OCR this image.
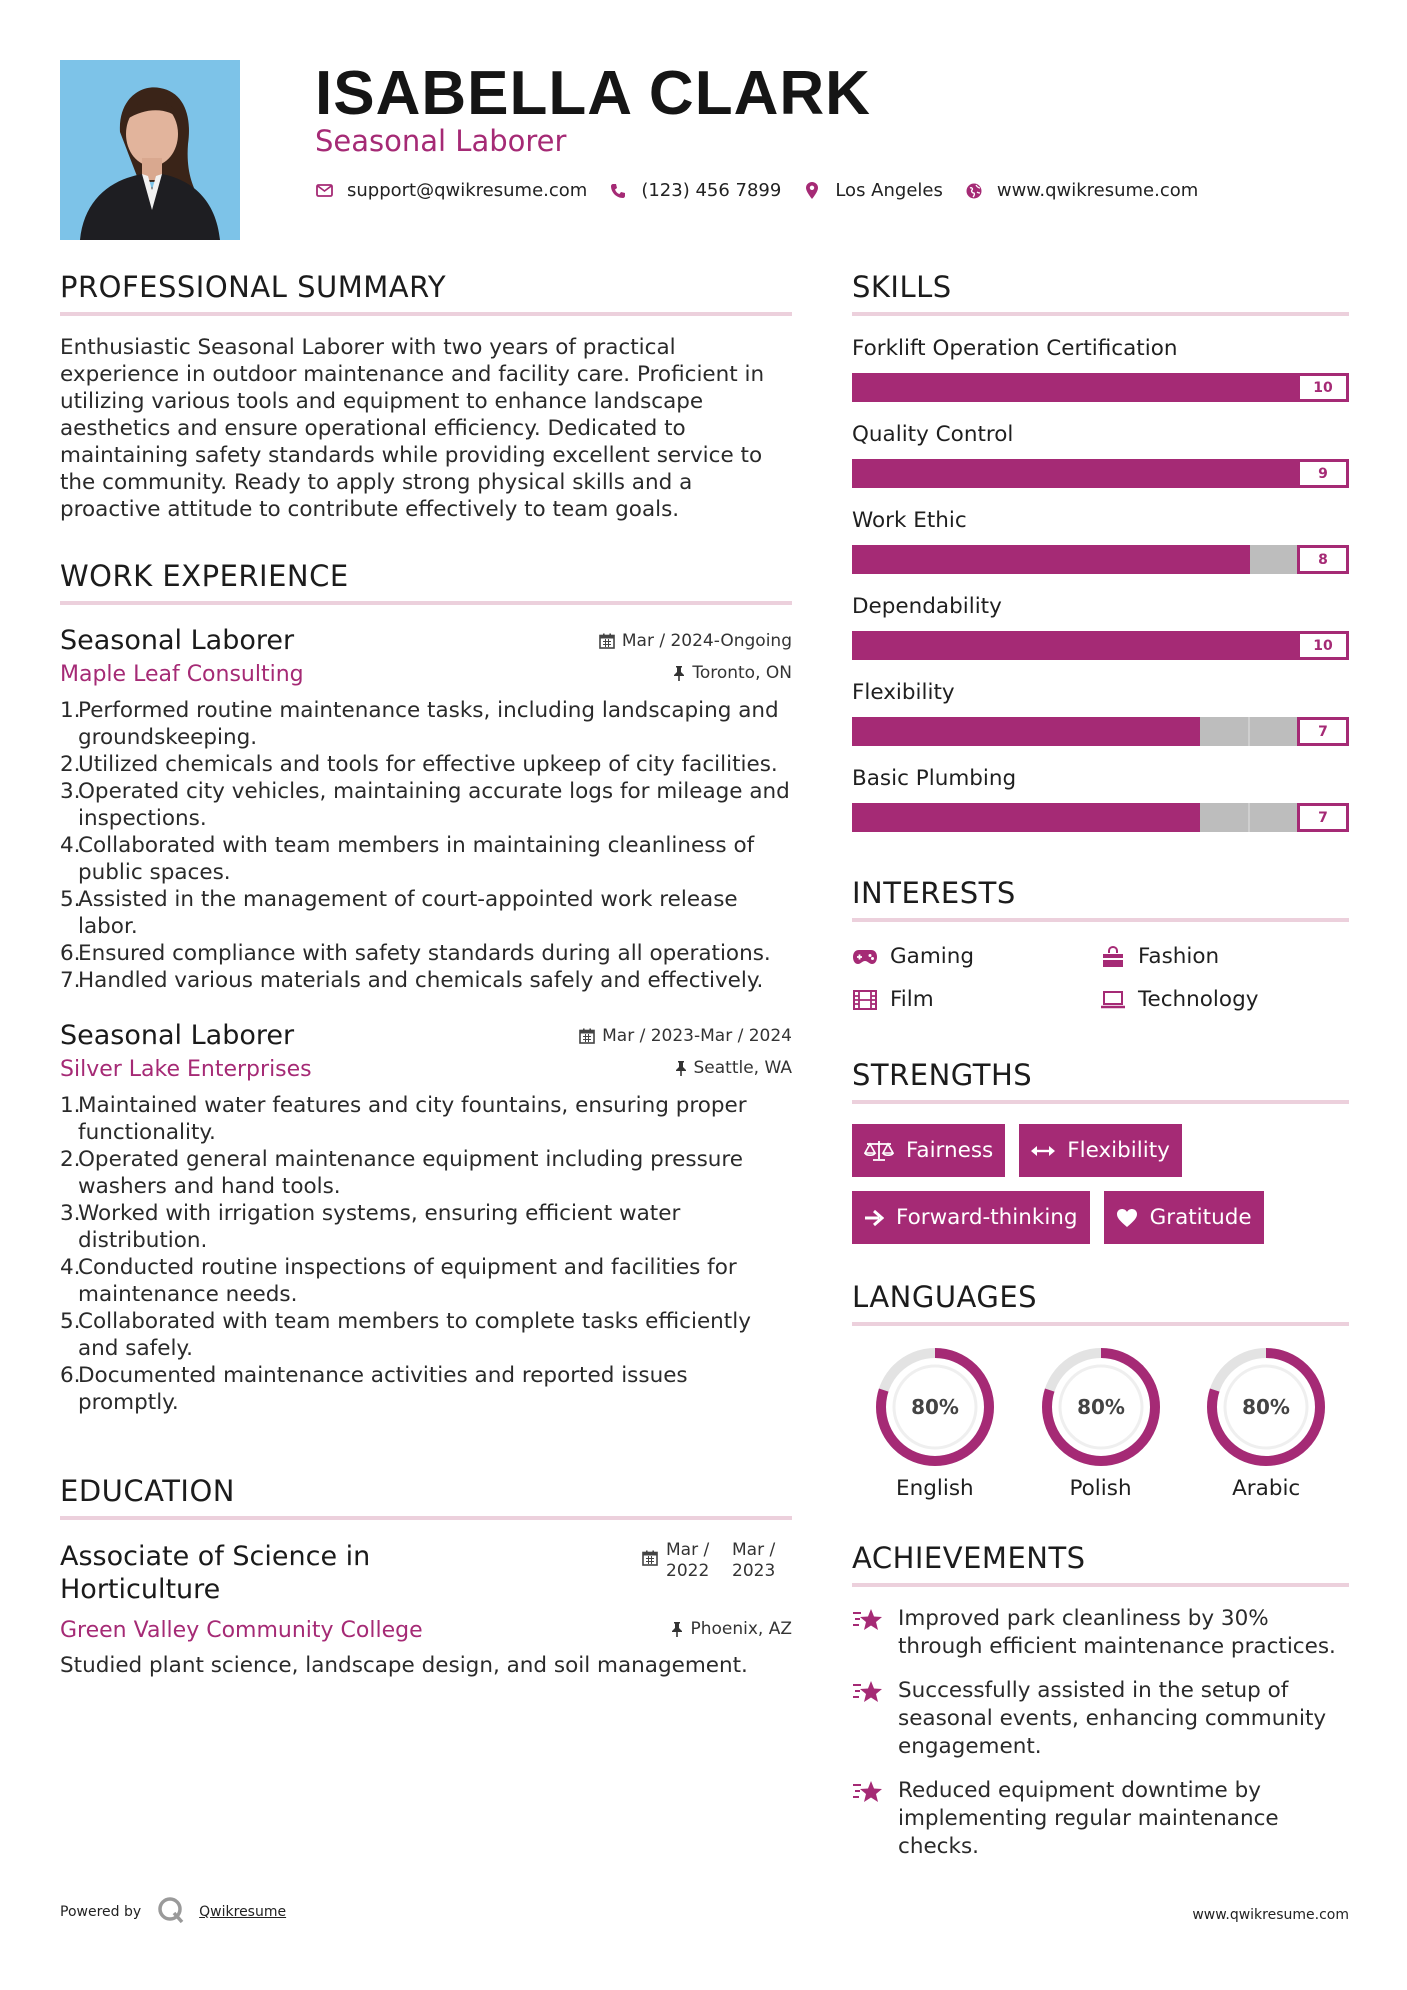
ISABELLA CLARK
Seasonal Laborer
support@qwikresume.com	(123) 456 7899	Los Angeles	www.qwikresume.com
PROFESSIONAL SUMMARY

Enthusiastic Seasonal Laborer with two years of practical experience in outdoor maintenance and facility care. Proficient in utilizing various tools and equipment to enhance landscape aesthetics and ensure operational efficiency. Dedicated to maintaining safety standards while providing excellent service to the community. Ready to apply strong physical skills and a proactive attitude to contribute effectively to team goals.

WORK EXPERIENCE
Seasonal Laborer	Mar / 2024-Ongoing
Maple Leaf Consulting	Toronto, ON
1.
Performed routine maintenance tasks, including landscaping and groundskeeping.
2.
Utilized chemicals and tools for effective upkeep of city facilities.
3.
Operated city vehicles, maintaining accurate logs for mileage and inspections.
4.
Collaborated with team members in maintaining cleanliness of public spaces.
5.
Assisted in the management of court-appointed work release labor.
6.
Ensured compliance with safety standards during all operations.
7.
Handled various materials and chemicals safely and effectively.
Seasonal Laborer	Mar / 2023-Mar / 2024
Silver Lake Enterprises	Seattle, WA
1.
Maintained water features and city fountains, ensuring proper functionality.
2.
Operated general maintenance equipment including pressure washers and hand tools.
3.
Worked with irrigation systems, ensuring efficient water distribution.
4.
Conducted routine inspections of equipment and facilities for maintenance needs.
5.
Collaborated with team members to complete tasks efficiently and safely.
6.
Documented maintenance activities and reported issues promptly.
EDUCATION
Associate of Science in Horticulture
Mar / 2022
Mar / 2023
Green Valley Community College	Phoenix, AZ
Studied plant science, landscape design, and soil management.
SKILLS
Forklift Operation Certification
10
Quality Control
9
Work Ethic
8
Dependability
10
Flexibility
7
Basic Plumbing
7
INTERESTS
Gaming	Fashion
Film	Technology
STRENGTHS
Fairness	Flexibility
Forward-thinking	Gratitude
LANGUAGES
80%
English
80%
Polish
80%
Arabic
ACHIEVEMENTS
Improved park cleanliness by 30% through efficient maintenance practices.
Successfully assisted in the setup of seasonal events, enhancing community engagement.
Reduced equipment downtime by implementing regular maintenance checks.
Powered by	Qwikresume	www.qwikresume.com
